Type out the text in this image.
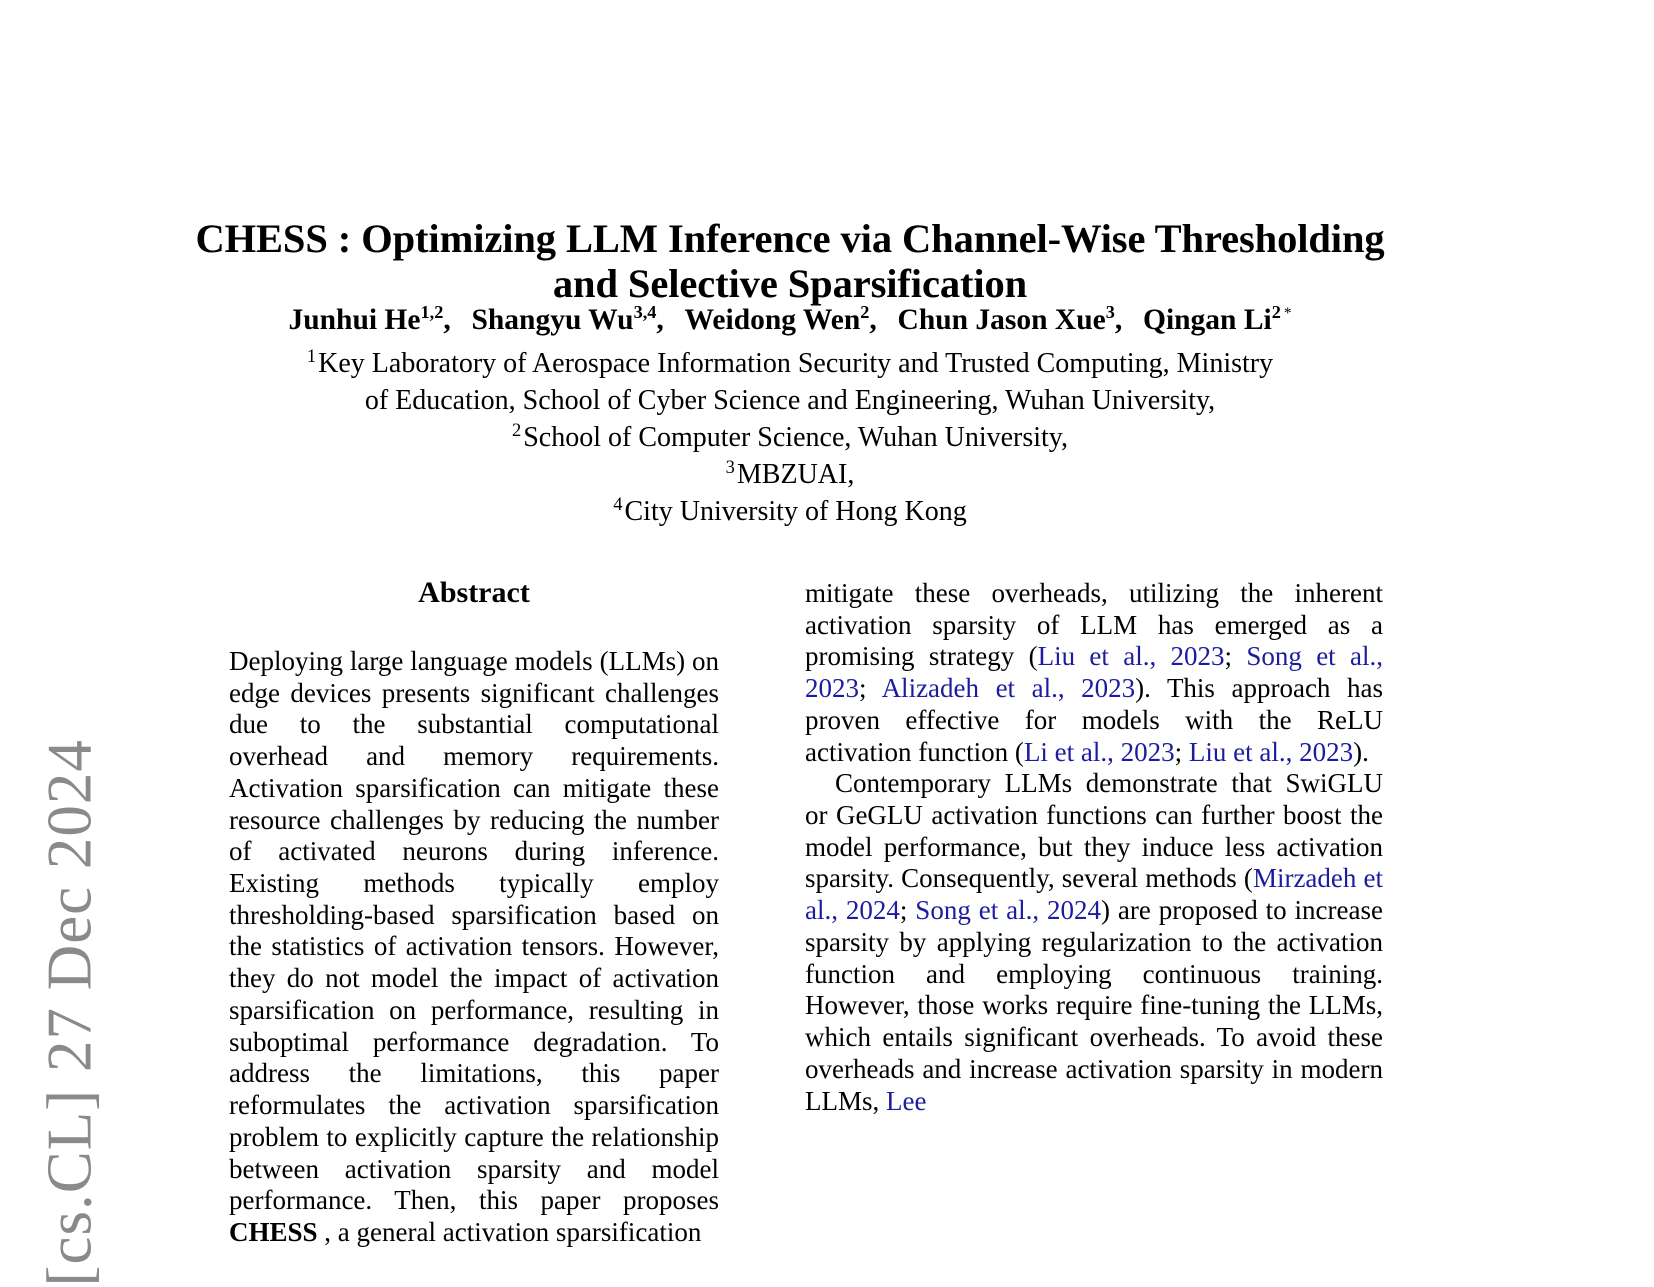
[cs.CL] 27 Dec 2024
CHESS : Optimizing LLM Inference via Channel-Wise Thresholding and Selective Sparsification
Junhui He$^{1,2}$,  Shangyu Wu$^{3,4}$,  Weidong Wen$^2$,  Chun Jason Xue$^3$,  Qingan Li$^2$ *
$^1$Key Laboratory of Aerospace Information Security and Trusted Computing, Ministry
of Education, School of Cyber Science and Engineering, Wuhan University,
$^2$School of Computer Science, Wuhan University,
$^3$MBZUAI,
$^4$City University of Hong Kong
Abstract

Deploying large language models (LLMs) on edge devices presents significant challenges due to the substantial computational overhead and memory requirements. Activation sparsification can mitigate these resource challenges by reducing the number of activated neurons during inference. Existing methods typically employ thresholding-based sparsification based on the statistics of activation tensors. However, they do not model the impact of activation sparsification on performance, resulting in suboptimal performance degradation. To address the limitations, this paper reformulates the activation sparsification problem to explicitly capture the relationship between activation sparsity and model performance. Then, this paper proposes CHESS , a general activation sparsification

mitigate these overheads, utilizing the inherent activation sparsity of LLM has emerged as a promising strategy (Liu et al., 2023; Song et al., 2023; Alizadeh et al., 2023). This approach has proven effective for models with the ReLU activation function (Li et al., 2023; Liu et al., 2023).

Contemporary LLMs demonstrate that SwiGLU or GeGLU activation functions can further boost the model performance, but they induce less activation sparsity. Consequently, several methods (Mirzadeh et al., 2024; Song et al., 2024) are proposed to increase sparsity by applying regularization to the activation function and employing continuous training. However, those works require fine-tuning the LLMs, which entails significant overheads. To avoid these overheads and increase activation sparsity in modern LLMs, Lee
